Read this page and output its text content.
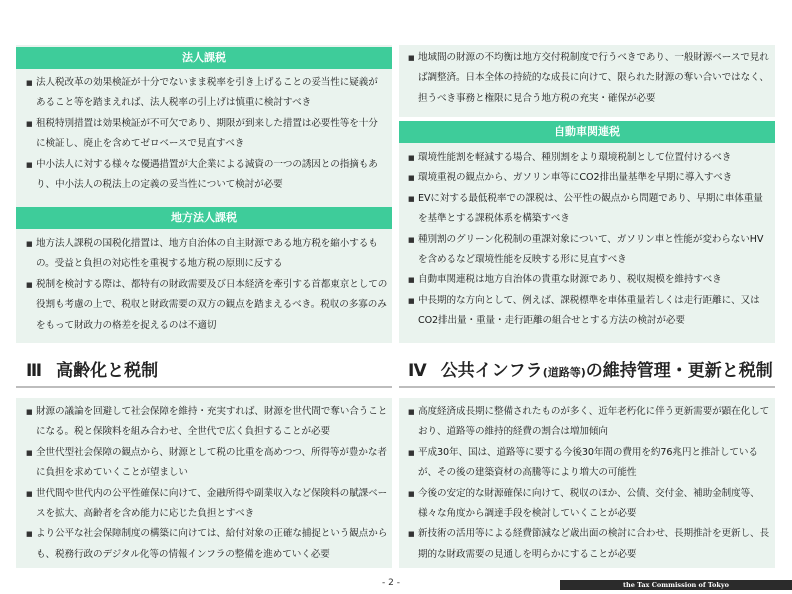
法人課税
■ 法人税改革の効果検証が十分でないまま税率を引き上げることの妥当性に疑義があること等を踏まえれば、法人税率の引上げは慎重に検討すべき
■ 租税特別措置は効果検証が不可欠であり、期限が到来した措置は必要性等を十分に検証し、廃止を含めてゼロベースで見直すべき
■ 中小法人に対する様々な優遇措置が大企業による減資の一つの誘因との指摘もあり、中小法人の税法上の定義の妥当性について検討が必要
地方法人課税
■ 地方法人課税の国税化措置は、地方自治体の自主財源である地方税を縮小するもの。受益と負担の対応性を重視する地方税の原則に反する
■ 税制を検討する際は、都特有の財政需要及び日本経済を牽引する首都東京としての役割も考慮の上で、税収と財政需要の双方の観点を踏まえるべき。税収の多寡のみをもって財政力の格差を捉えるのは不適切
■ 地域間の財源の不均衡は地方交付税制度で行うべきであり、一般財源ベースで見れば調整済。日本全体の持続的な成長に向けて、限られた財源の奪い合いではなく、担うべき事務と権限に見合う地方税の充実・確保が必要
自動車関連税
■ 環境性能割を軽減する場合、種別割をより環境税制として位置付けるべき
■ 環境重視の観点から、ガソリン車等にCO2排出量基準を早期に導入すべき
■ EVに対する最低税率での課税は、公平性の観点から問題であり、早期に車体重量を基準とする課税体系を構築すべき
■ 種別割のグリーン化税制の重課対象について、ガソリン車と性能が変わらないHVを含めるなど環境性能を反映する形に見直すべき
■ 自動車関連税は地方自治体の貴重な財源であり、税収規模を維持すべき
■ 中長期的な方向として、例えば、課税標準を車体重量若しくは走行距離に、又はCO2排出量・重量・走行距離の組合せとする方法の検討が必要
Ⅲ 高齢化と税制
■ 財源の議論を回避して社会保障を維持・充実すれば、財源を世代間で奪い合うことになる。税と保険料を組み合わせ、全世代で広く負担することが必要
■ 全世代型社会保障の観点から、財源として税の比重を高めつつ、所得等が豊かな者に負担を求めていくことが望ましい
■ 世代間や世代内の公平性確保に向けて、金融所得や副業収入など保険料の賦課ベースを拡大、高齢者を含め能力に応じた負担とすべき
■ より公平な社会保障制度の構築に向けては、給付対象の正確な捕捉という観点からも、税務行政のデジタル化等の情報インフラの整備を進めていく必要
Ⅳ 公共インフラ(道路等)の維持管理・更新と税制
■ 高度経済成長期に整備されたものが多く、近年老朽化に伴う更新需要が顕在化しており、道路等の維持的経費の割合は増加傾向
■ 平成30年、国は、道路等に要する今後30年間の費用を約76兆円と推計しているが、その後の建築資材の高騰等により増大の可能性
■ 今後の安定的な財源確保に向けて、税収のほか、公債、交付金、補助金制度等、様々な角度から調達手段を検討していくことが必要
■ 新技術の活用等による経費節減など歳出面の検討に合わせ、長期推計を更新し、長期的な財政需要の見通しを明らかにすることが必要
- 2 -	the Tax Commission of Tokyo
